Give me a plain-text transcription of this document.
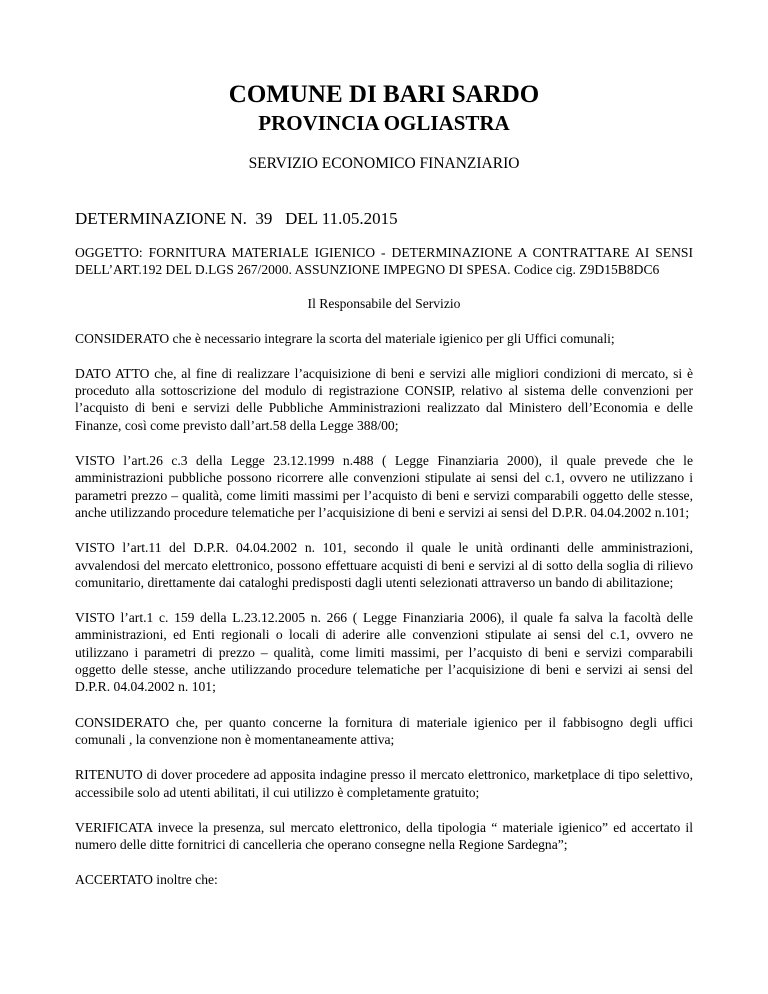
COMUNE DI BARI SARDO
PROVINCIA OGLIASTRA
SERVIZIO ECONOMICO FINANZIARIO
DETERMINAZIONE N.  39   DEL 11.05.2015
OGGETTO: FORNITURA MATERIALE IGIENICO - DETERMINAZIONE A CONTRATTARE AI SENSI DELL’ART.192 DEL D.LGS 267/2000. ASSUNZIONE IMPEGNO DI SPESA. Codice cig. Z9D15B8DC6
Il Responsabile del Servizio
CONSIDERATO che è necessario integrare la scorta del materiale igienico per gli Uffici comunali;
DATO ATTO che, al fine di realizzare l’acquisizione di beni e servizi alle migliori condizioni di mercato, si è proceduto alla sottoscrizione del modulo di registrazione CONSIP, relativo al sistema delle convenzioni per l’acquisto di beni e servizi delle Pubbliche Amministrazioni realizzato dal Ministero dell’Economia e delle Finanze, così come previsto dall’art.58 della Legge 388/00;
VISTO l’art.26 c.3 della Legge 23.12.1999 n.488 ( Legge Finanziaria 2000), il quale prevede che le amministrazioni pubbliche possono ricorrere alle convenzioni stipulate ai sensi del c.1, ovvero ne utilizzano i parametri prezzo – qualità, come limiti massimi per l’acquisto di beni e servizi comparabili oggetto delle stesse, anche utilizzando procedure telematiche per l’acquisizione di beni e servizi ai sensi del D.P.R. 04.04.2002 n.101;
VISTO l’art.11 del D.P.R. 04.04.2002 n. 101, secondo il quale le unità ordinanti delle amministrazioni, avvalendosi del mercato elettronico, possono effettuare acquisti di beni e servizi al di sotto della soglia di rilievo comunitario, direttamente dai cataloghi predisposti dagli utenti selezionati attraverso un bando di abilitazione;
VISTO l’art.1 c. 159 della L.23.12.2005 n. 266 ( Legge Finanziaria 2006), il quale fa salva la facoltà delle amministrazioni, ed Enti regionali o locali di aderire alle convenzioni stipulate ai sensi del c.1, ovvero ne utilizzano i parametri di prezzo – qualità, come limiti massimi, per l’acquisto di beni e servizi comparabili oggetto delle stesse, anche utilizzando procedure telematiche per l’acquisizione di beni e servizi ai sensi del D.P.R. 04.04.2002 n. 101;
CONSIDERATO che, per quanto concerne la fornitura di materiale igienico per il fabbisogno degli uffici comunali , la convenzione non è momentaneamente attiva;
RITENUTO di dover procedere ad apposita indagine presso il mercato elettronico, marketplace di tipo selettivo, accessibile solo ad utenti abilitati, il cui utilizzo è completamente gratuito;
VERIFICATA invece la presenza, sul mercato elettronico, della tipologia “ materiale igienico” ed accertato il numero delle ditte fornitrici di cancelleria che operano consegne nella Regione Sardegna”;
ACCERTATO inoltre che:
